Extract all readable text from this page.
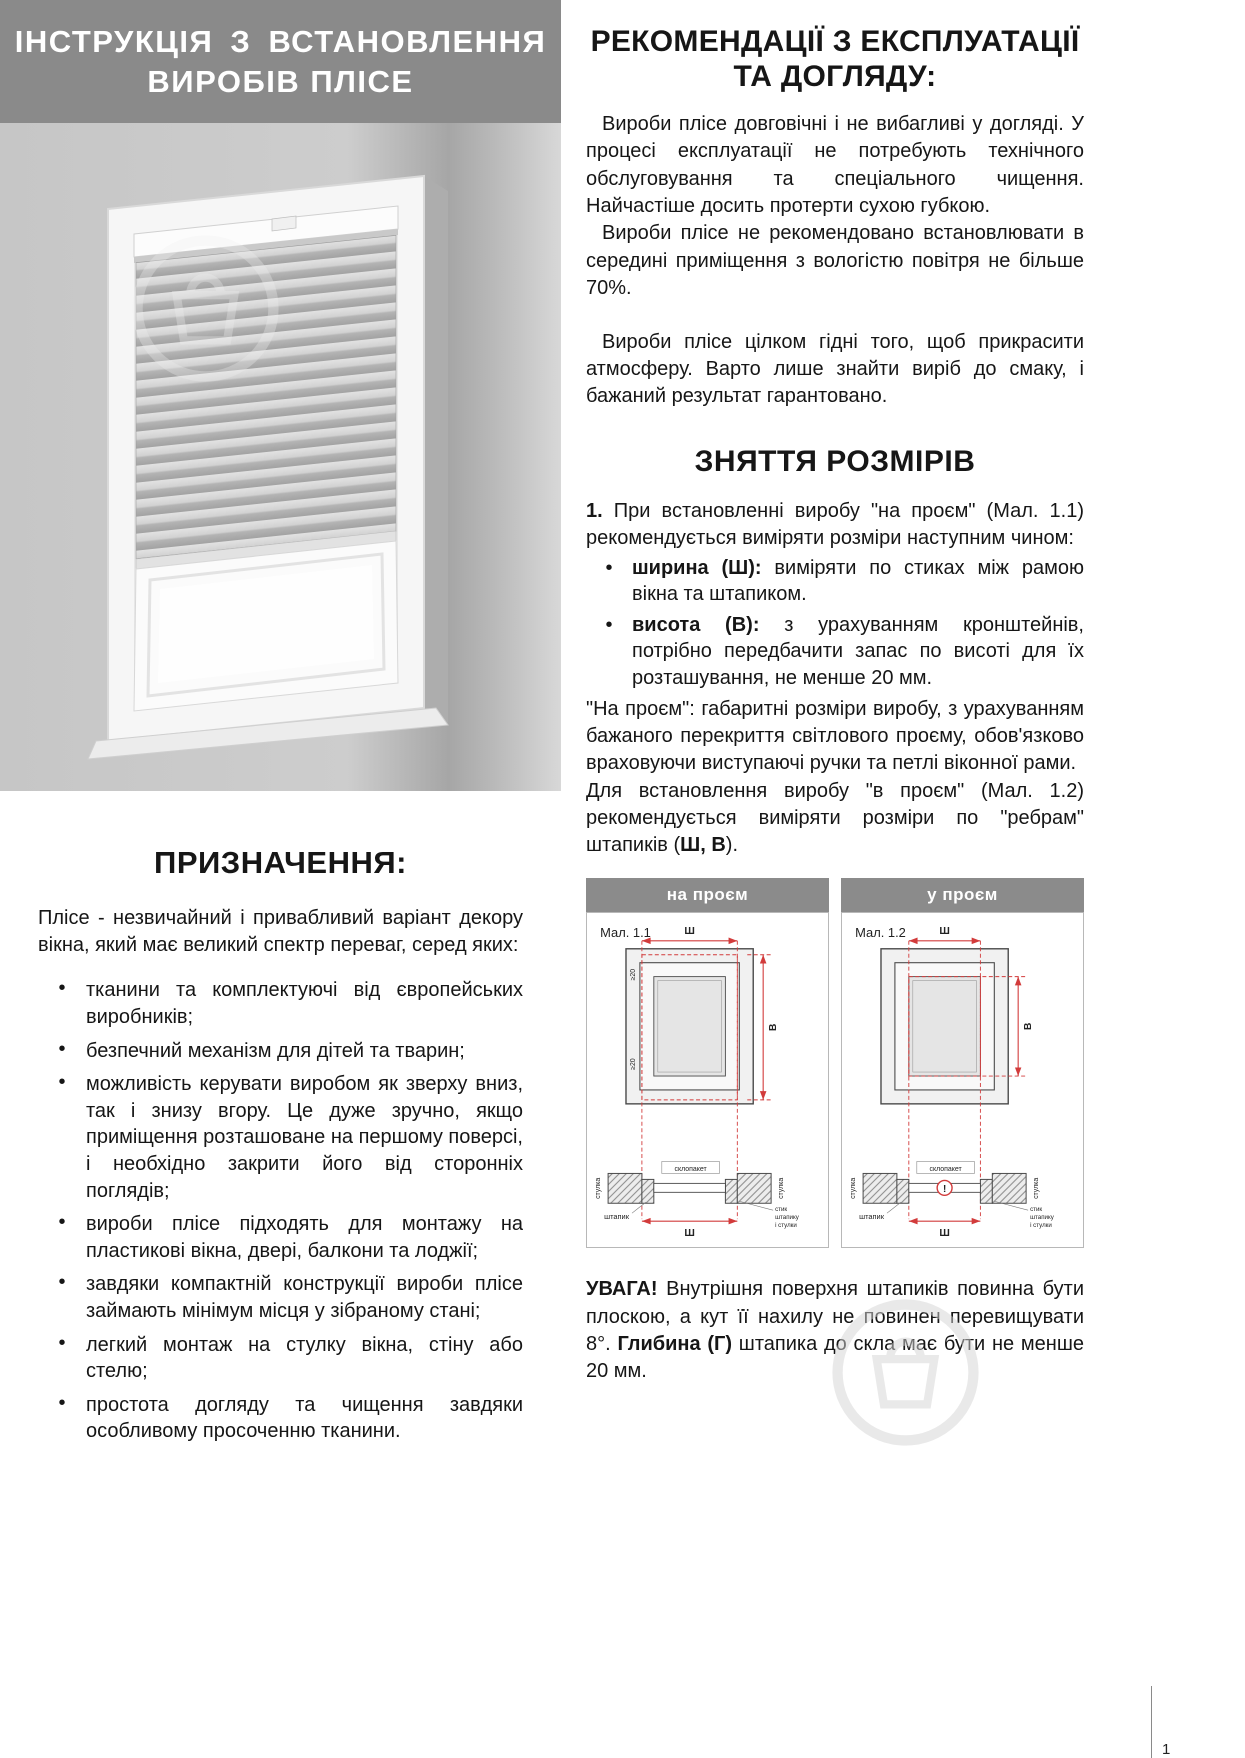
ІНСТРУКЦІЯ З ВСТАНОВЛЕННЯ
ВИРОБІВ ПЛІСЕ
ПРИЗНАЧЕННЯ:

Плісе - незвичайний і привабливий варіант декору вікна, який має великий спектр переваг, серед яких:

•
тканини та комплектуючі від європейських виробників;
•
безпечний механізм для дітей та тварин;
•
можливість керувати виробом як зверху вниз, так і знизу вгору. Це дуже зручно, якщо приміщення розташоване на першому поверсі, і необхідно закрити його від сторонніх поглядів;
•
вироби плісе підходять для монтажу на пластикові вікна, двері, балкони та лоджії;
•
завдяки компактній конструкції вироби плісе займають мінімум місця у зібраному стані;
•
легкий монтаж на стулку вікна, стіну або стелю;
•
простота догляду та чищення завдяки особливому просоченню тканини.
РЕКОМЕНДАЦІЇ З ЕКСПЛУАТАЦІЇ
ТА ДОГЛЯДУ:

Вироби плісе довговічні і не вибагливі у догляді. У процесі експлуатації не потребують технічного обслуговування та спеціального чищення. Найчастіше досить протерти сухою губкою.

Вироби плісе не рекомендовано встановлювати в середині приміщення з вологістю повітря не більше 70%.

Вироби плісе цілком гідні того, щоб прикрасити атмосферу. Варто лише знайти виріб до смаку, і бажаний результат гарантовано.

ЗНЯТТЯ РОЗМІРІВ

1. При встановленні виробу "на проєм" (Мал. 1.1) рекомендується виміряти розміри наступним чином:

•
ширина (Ш): виміряти по стиках між рамою вікна та штапиком.
•
висота (В): з урахуванням кронштейнів, потрібно передбачити запас по висоті для їх розташування, не менше 20 мм.

"На проєм": габаритні розміри виробу, з урахуванням бажаного перекриття світлового проєму, обов'язково враховуючи виступаючі ручки та петлі віконної рами.

Для встановлення виробу "в проєм" (Мал. 1.2) рекомендується виміряти розміри по "ребрам" штапиків (Ш, В).

на проєм
Мал. 1.1	Ш
В
≥20
≥20
склопакет
стулка	стулка
штапик
стик
штапику
і стулки
Ш
у проєм
Мал. 1.2	Ш
В
!
склопакет
стулка	стулка
штапик
стик
штапику
і стулки
Ш

УВАГА! Внутрішня поверхня штапиків повинна бути плоскою, а кут її нахилу не повинен перевищувати 8°. Глибина (Г) штапика до скла має бути не менше 20 мм.

1
